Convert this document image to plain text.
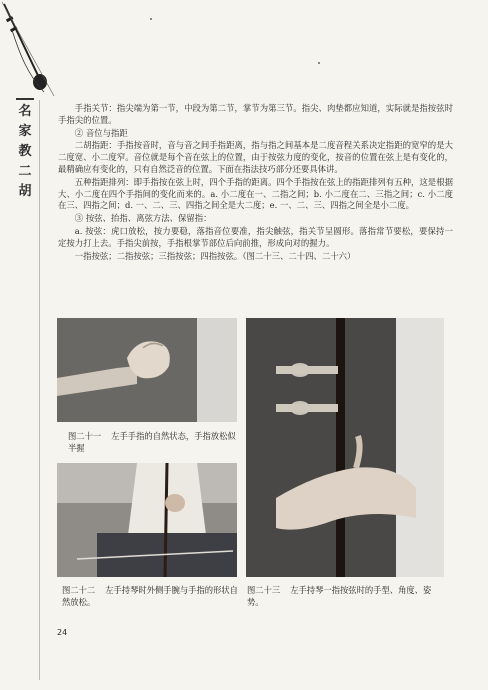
名
家
教
二
胡

手指关节：指尖端为第一节，中段为第二节，掌节为第三节。指尖、肉垫都应知道，实际就是指按弦时手指尖的位置。

② 音位与指距

二胡指距：手指按音时，音与音之间手指距离，指与指之间基本是二度音程关系决定指距的宽窄的是大二度宽、小二度窄。音位就是每个音在弦上的位置，由于按弦力度的变化，按音的位置在弦上是有变化的，最精确应有变化的，只有自然泛音的位置。下面在指法技巧部分还要具体讲。

五种指距排列：即手指按在弦上时，四个手指的距离。四个手指按在弦上的指距排列有五种，这是根据大、小二度在四个手指间的变化而来的。a. 小二度在一、二指之间；b. 小二度在二、三指之间；c. 小二度在三、四指之间；d. 一、二、三、四指之间全是大二度；e. 一、二、三、四指之间全是小二度。

③ 按弦、抬指、离弦方法、保留指：

a. 按弦：虎口放松，按力要稳，落指音位要准，指尖触弦，指关节呈圆形。落指常节要松，要保持一定按力打上去。手指尖前按，手指根掌节部位后向前推，形成向对的握力。

一指按弦；二指按弦；三指按弦；四指按弦。（图二十三、二十四、二十六）

图二十一 左手手指的自然状态，手指放松似半握
图二十二 左手持琴时外侧手腕与手指的形状自然放松。
图二十三 左手持琴一指按弦时的手型、角度、姿势。
24
